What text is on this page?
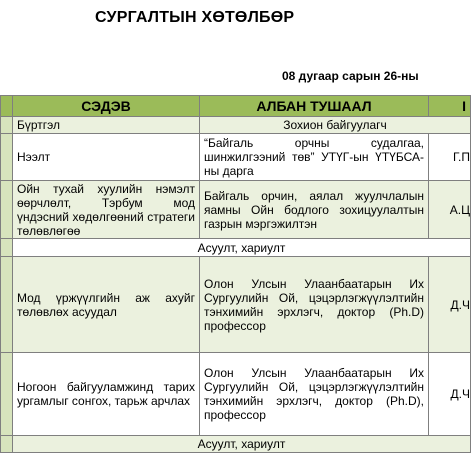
СУРГАЛТЫН ХӨТӨЛБӨР
08 дугаар сарын 26-ны
	СЭДЭВ	АЛБАН ТУШААЛ	I
	Бүртгэл	Зохион байгуулагч	
	Нээлт	“Байгаль орчны судалгаа, шинжилгээний төв” УТҮГ-ын ҮТҮБСА-ны дарга	Г.П
	Ойн тухай хуулийн нэмэлт өөрчлөлт, Тэрбум мод үндэсний хөдөлгөөний стратеги төлөвлөгөө	Байгаль орчин, аялал жуулчлалын яамны Ойн бодлого зохицуулалтын газрын мэргэжилтэн	А.Ц
	Асуулт, хариулт		
	Мод үржүүлгийн аж ахуйг төлөвлөх асуудал	Олон Улсын Улаанбаатарын Их Сургуулийн Ой, цэцэрлэгжүүлэлтийн тэнхимийн эрхлэгч, доктор (Ph.D) профессор	Д.Ч
	Ногоон байгууламжинд тарих ургамлыг сонгох, тарьж арчлах	Олон Улсын Улаанбаатарын Их Сургуулийн Ой, цэцэрлэгжүүлэлтийн тэнхимийн эрхлэгч, доктор (Ph.D), профессор	Д.Ч
	Асуулт, хариулт		
